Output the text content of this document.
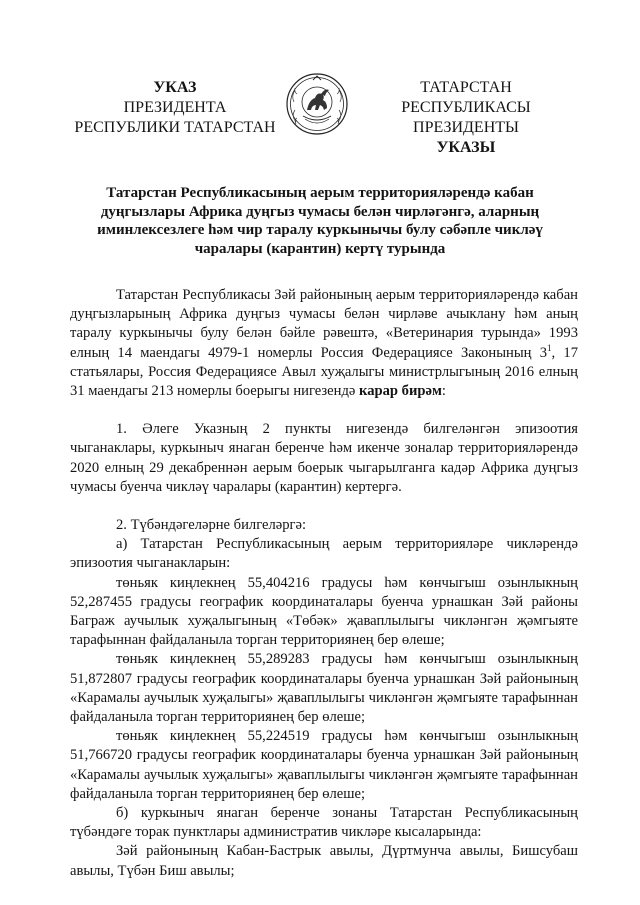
УКАЗ
ПРЕЗИДЕНТА
РЕСПУБЛИКИ ТАТАРСТАН
ТАТАРСТАН РЕСПУБЛИКАСЫ
ПРЕЗИДЕНТЫ
УКАЗЫ
Татарстан Республикасының аерым территорияләрендә кабан дуңгызлары Африка дуңгыз чумасы белән чирләгәнгә, аларның иминлексезлеге һәм чир таралу куркынычы булу сәбәпле чикләү чаралары (карантин) кертү турында

Татарстан Республикасы Зәй районының аерым территорияләрендә кабан дуңгызларының Африка дуңгыз чумасы белән чирләве ачыклану һәм аның таралу куркынычы булу белән бәйле рәвештә, «Ветеринария турында» 1993 елның 14 маендагы 4979-1 номерлы Россия Федерациясе Законының $3^1$, 17 статьялары, Россия Федерациясе Авыл хуҗалыгы министрлыгының 2016 елның 31 маендагы 213 номерлы боерыгы нигезендә карар бирәм:

1. Әлеге Указның 2 пункты нигезендә билгеләнгән эпизоотия чыганаклары, куркыныч янаган беренче һәм икенче зоналар территорияләрендә 2020 елның 29 декабреннән аерым боерык чыгарылганга кадәр Африка дуңгыз чумасы буенча чикләү чаралары (карантин) кертергә.

2. Түбәндәгеләрне билгеләргә:

а) Татарстан Республикасының аерым территорияләре чикләрендә эпизоотия чыганакларын:

төньяк киңлекнең 55,404216 градусы һәм көнчыгыш озынлыкның 52,287455 градусы географик координаталары буенча урнашкан Зәй районы Баграж аучылык хуҗалыгының «Төбәк» җаваплылыгы чикләнгән җәмгыяте тарафыннан файдаланыла торган территориянең бер өлеше;

төньяк киңлекнең 55,289283 градусы һәм көнчыгыш озынлыкның 51,872807 градусы географик координаталары буенча урнашкан Зәй районының «Карамалы аучылык хуҗалыгы» җаваплылыгы чикләнгән җәмгыяте тарафыннан файдаланыла торган территориянең бер өлеше;

төньяк киңлекнең 55,224519 градусы һәм көнчыгыш озынлыкның 51,766720 градусы географик координаталары буенча урнашкан Зәй районының «Карамалы аучылык хуҗалыгы» җаваплылыгы чикләнгән җәмгыяте тарафыннан файдаланыла торган территориянең бер өлеше;

б) куркыныч янаган беренче зонаны Татарстан Республикасының түбәндәге торак пунктлары административ чикләре кысаларында:

Зәй районының Кабан-Бастрык авылы, Дүртмунча авылы, Бишсубаш авылы, Түбән Биш авылы;
